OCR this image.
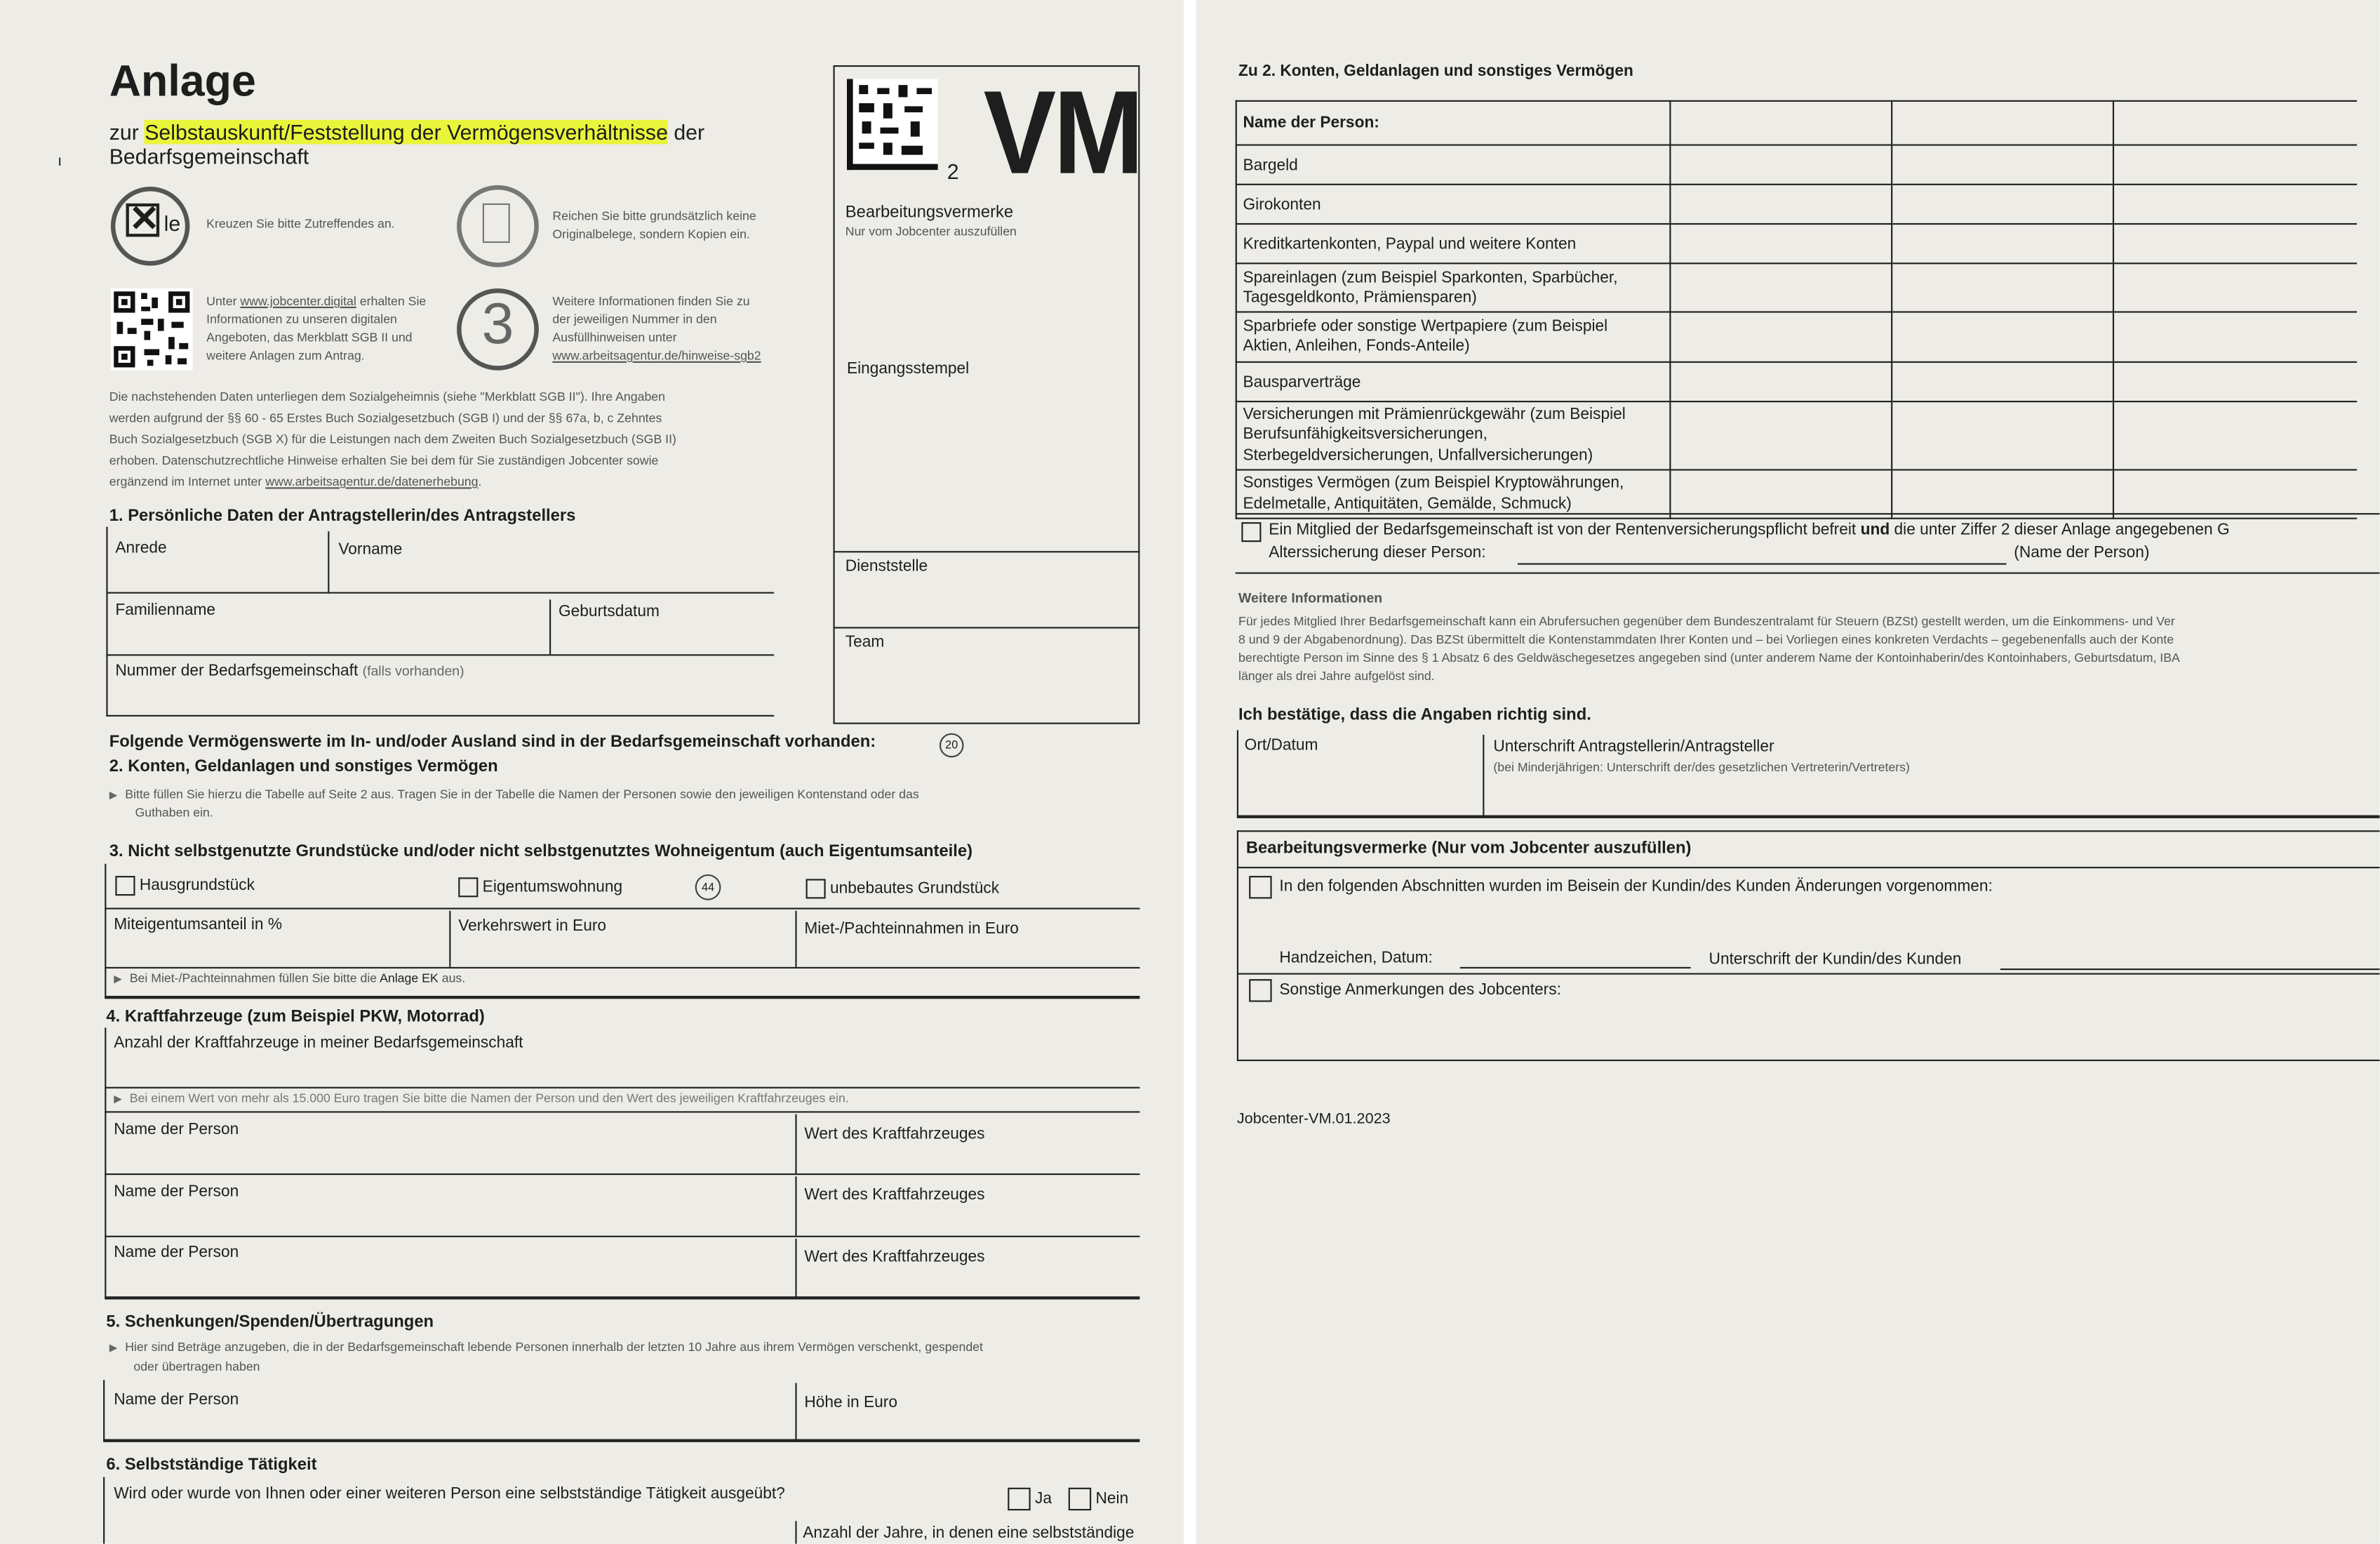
Anlage
zur Selbstauskunft/Feststellung der Vermögensverhältnisse der
Bedarfsgemeinschaft
✕ le	Kreuzen Sie bitte Zutreffendes an.
Reichen Sie bitte grundsätzlich keine
Originalbelege, sondern Kopien ein.
Unter www.jobcenter.digital erhalten Sie
Informationen zu unseren digitalen
Angeboten, das Merkblatt SGB II und
weitere Anlagen zum Antrag.	3	Weitere Informationen finden Sie zu
der jeweiligen Nummer in den
Ausfüllhinweisen unter
www.arbeitsagentur.de/hinweise-sgb2
Die nachstehenden Daten unterliegen dem Sozialgeheimnis (siehe "Merkblatt SGB II"). Ihre Angaben
werden aufgrund der §§ 60 - 65 Erstes Buch Sozialgesetzbuch (SGB I) und der §§ 67a, b, c Zehntes
Buch Sozialgesetzbuch (SGB X) für die Leistungen nach dem Zweiten Buch Sozialgesetzbuch (SGB II)
erhoben. Datenschutzrechtliche Hinweise erhalten Sie bei dem für Sie zuständigen Jobcenter sowie
ergänzend im Internet unter www.arbeitsagentur.de/datenerhebung.
2 VM
Bearbeitungsvermerke
Nur vom Jobcenter auszufüllen
Eingangsstempel
Dienststelle
Team
1. Persönliche Daten der Antragstellerin/des Antragstellers
Anrede	Vorname
Familienname	Geburtsdatum
Nummer der Bedarfsgemeinschaft (falls vorhanden)
Folgende Vermögenswerte im In- und/oder Ausland sind in der Bedarfsgemeinschaft vorhanden:	20
2. Konten, Geldanlagen und sonstiges Vermögen
▶ Bitte füllen Sie hierzu die Tabelle auf Seite 2 aus. Tragen Sie in der Tabelle die Namen der Personen sowie den jeweiligen Kontenstand oder das
Guthaben ein.
3. Nicht selbstgenutzte Grundstücke und/oder nicht selbstgenutztes Wohneigentum (auch Eigentumsanteile)
Hausgrundstück	Eigentumswohnung	44	unbebautes Grundstück
Miteigentumsanteil in %	Verkehrswert in Euro	Miet-/Pachteinnahmen in Euro
▶ Bei Miet-/Pachteinnahmen füllen Sie bitte die Anlage EK aus.
4. Kraftfahrzeuge (zum Beispiel PKW, Motorrad)
Anzahl der Kraftfahrzeuge in meiner Bedarfsgemeinschaft
▶ Bei einem Wert von mehr als 15.000 Euro tragen Sie bitte die Namen der Person und den Wert des jeweiligen Kraftfahrzeuges ein.
Name der Person	Wert des Kraftfahrzeuges
Name der Person	Wert des Kraftfahrzeuges
Name der Person	Wert des Kraftfahrzeuges
5. Schenkungen/Spenden/Übertragungen
▶ Hier sind Beträge anzugeben, die in der Bedarfsgemeinschaft lebende Personen innerhalb der letzten 10 Jahre aus ihrem Vermögen verschenkt, gespendet
oder übertragen haben
Name der Person	Höhe in Euro
6. Selbstständige Tätigkeit
Wird oder wurde von Ihnen oder einer weiteren Person eine selbstständige Tätigkeit ausgeübt?	Ja	Nein
Anzahl der Jahre, in denen eine selbstständige
ı
Zu 2. Konten, Geldanlagen und sonstiges Vermögen
Name der Person:			
Bargeld			
Girokonten			
Kreditkartenkonten, Paypal und weitere Konten			
Spareinlagen (zum Beispiel Sparkonten, Sparbücher,
Tagesgeldkonto, Prämiensparen)			
Sparbriefe oder sonstige Wertpapiere (zum Beispiel
Aktien, Anleihen, Fonds-Anteile)			
Bausparverträge			
Versicherungen mit Prämienrückgewähr (zum Beispiel
Berufsunfähigkeitsversicherungen,
Sterbegeldversicherungen, Unfallversicherungen)			
Sonstiges Vermögen (zum Beispiel Kryptowährungen,
Edelmetalle, Antiquitäten, Gemälde, Schmuck)			
Ein Mitglied der Bedarfsgemeinschaft ist von der Rentenversicherungspflicht befreit und die unter Ziffer 2 dieser Anlage angegebenen G
Alterssicherung dieser Person:	(Name der Person)
Weitere Informationen
Für jedes Mitglied Ihrer Bedarfsgemeinschaft kann ein Abrufersuchen gegenüber dem Bundeszentralamt für Steuern (BZSt) gestellt werden, um die Einkommens- und Ver
8 und 9 der Abgabenordnung). Das BZSt übermittelt die Kontenstammdaten Ihrer Konten und – bei Vorliegen eines konkreten Verdachts – gegebenenfalls auch der Konte
berechtigte Person im Sinne des § 1 Absatz 6 des Geldwäschegesetzes angegeben sind (unter anderem Name der Kontoinhaberin/des Kontoinhabers, Geburtsdatum, IBA
länger als drei Jahre aufgelöst sind.
Ich bestätige, dass die Angaben richtig sind.
Ort/Datum	Unterschrift Antragstellerin/Antragsteller
(bei Minderjährigen: Unterschrift der/des gesetzlichen Vertreterin/Vertreters)
Bearbeitungsvermerke (Nur vom Jobcenter auszufüllen)
In den folgenden Abschnitten wurden im Beisein der Kundin/des Kunden Änderungen vorgenommen:
Handzeichen, Datum:	Unterschrift der Kundin/des Kunden
Sonstige Anmerkungen des Jobcenters:
Jobcenter-VM.01.2023
